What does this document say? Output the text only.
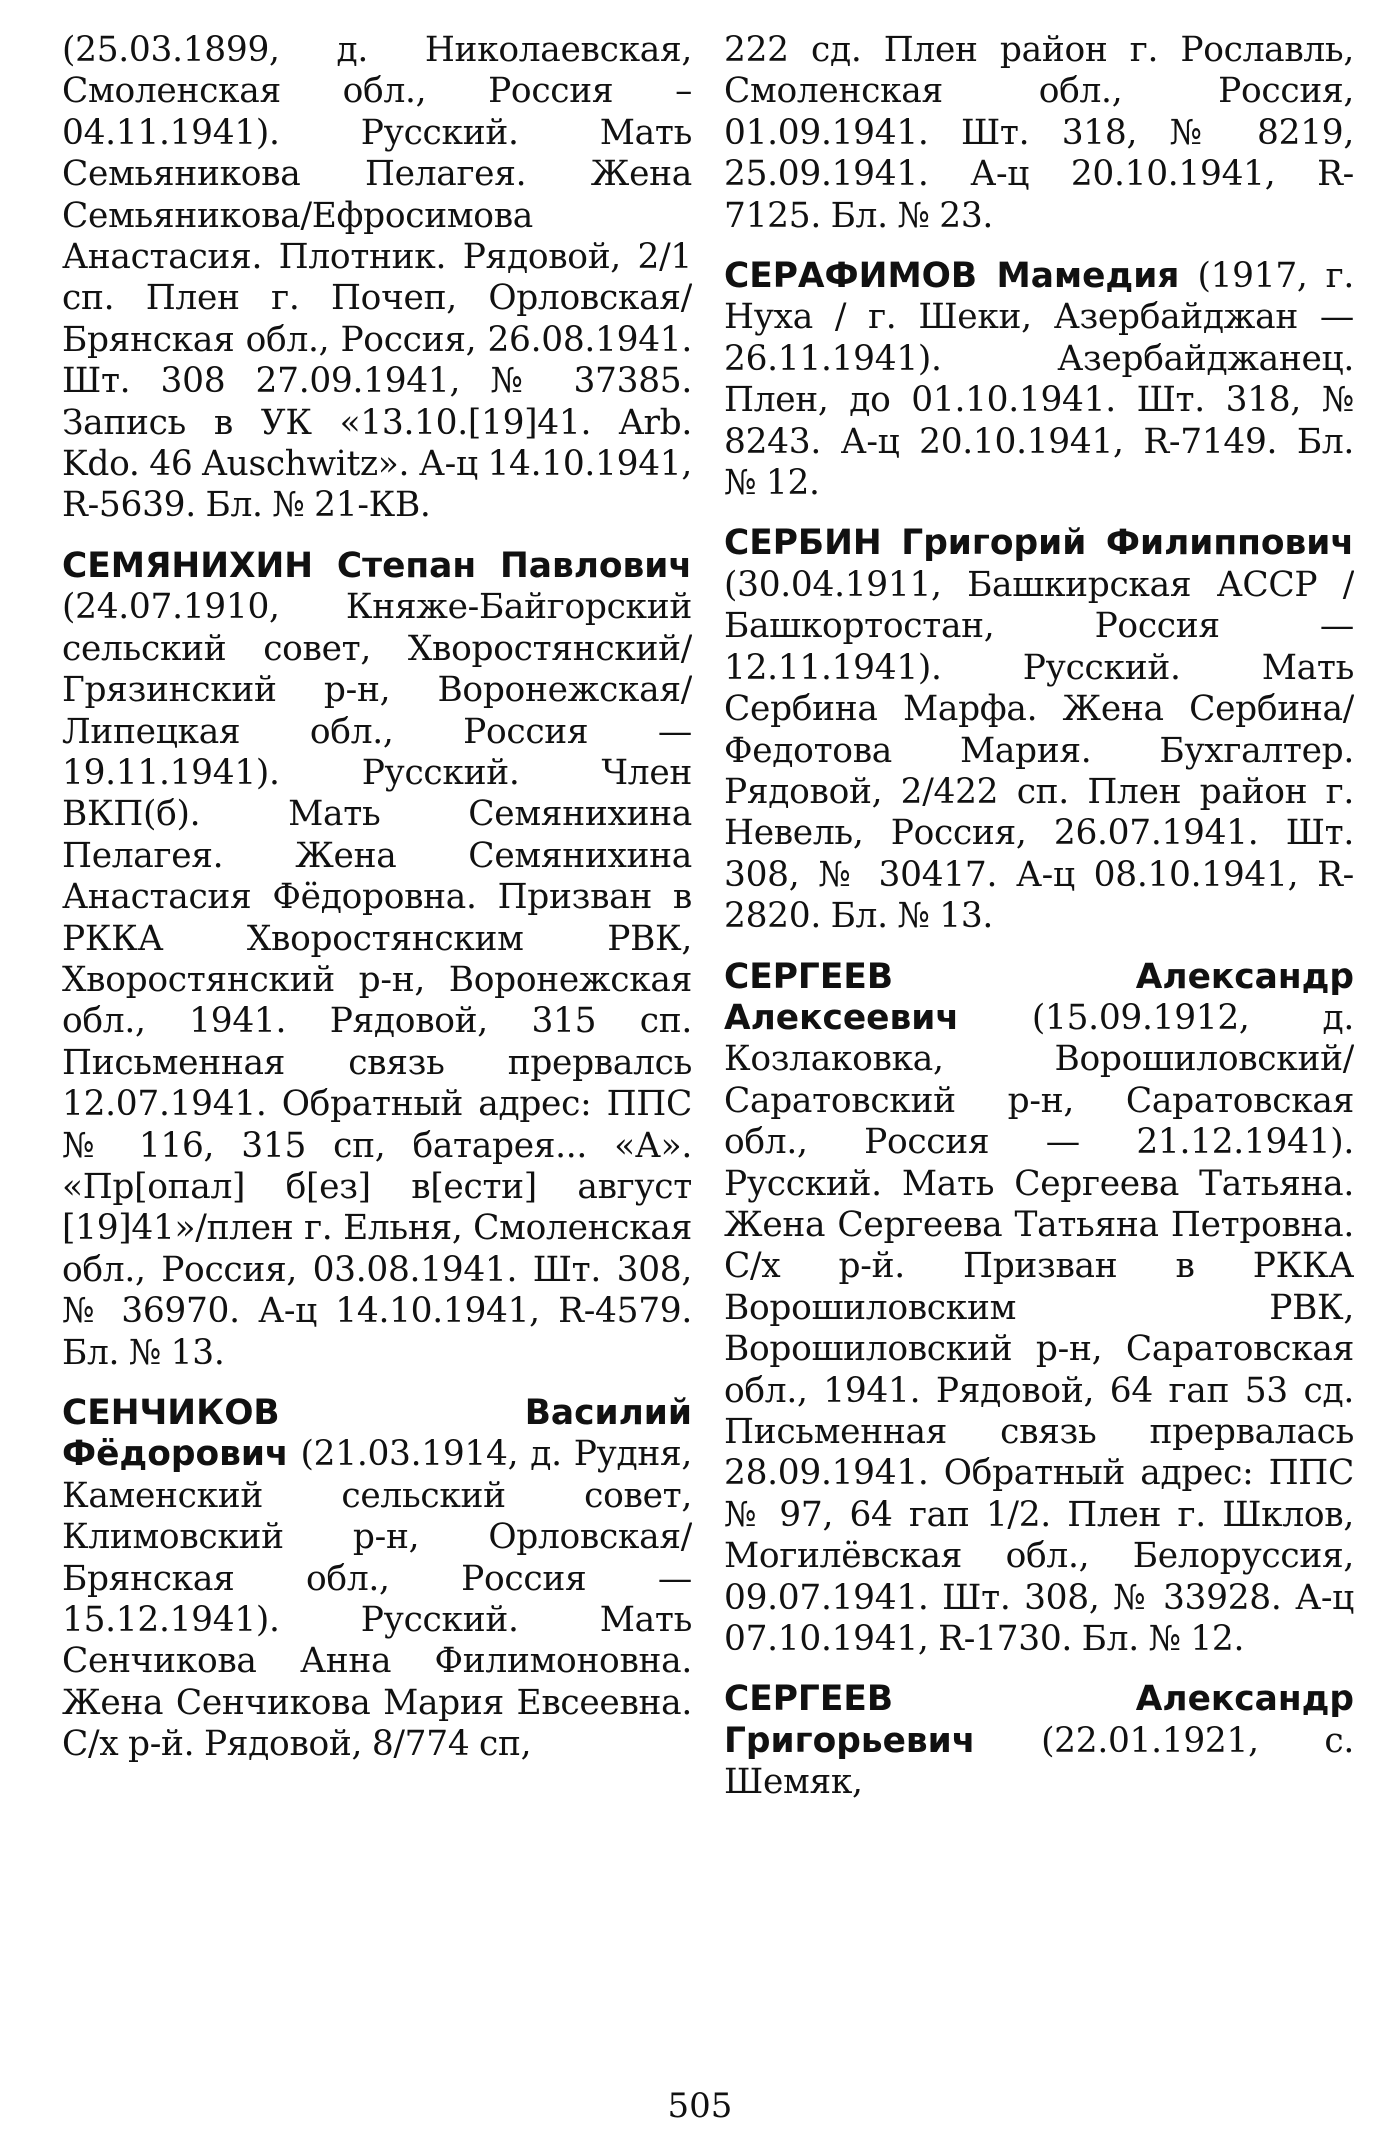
(25.03.1899, д. Николаевская, Смоленская обл., Россия – 04.11.1941). Русский. Мать Семьяникова Пелагея. Жена Семьяникова/Ефросимова Анастасия. Плотник. Рядовой, 2/1 сп. Плен г. Почеп, Орловская/ Брянская обл., Россия, 26.08.1941. Шт. 308 27.09.1941, № 37385. Запись в УК «13.10.[19]41. Arb. Kdo. 46 Auschwitz». А-ц 14.10.1941, R-5639. Бл. № 21-КВ.

СЕМЯНИХИН Степан Павлович (24.07.1910, Княже-Байгорский сельский совет, Хворостянский/Грязинский р-н, Воронежская/Липецкая обл., Россия — 19.11.1941). Русский. Член ВКП(б). Мать Семянихина Пелагея. Жена Семянихина Анастасия Фёдоровна. Призван в РККА Хворостянским РВК, Хворостянский р-н, Воронежская обл., 1941. Рядовой, 315 сп. Письменная связь прервалсь 12.07.1941. Обратный адрес: ППС № 116, 315 сп, батарея... «А». «Пр[опал] б[ез] в[ести] август [19]41»/плен г. Ельня, Смоленская обл., Россия, 03.08.1941. Шт. 308, № 36970. А-ц 14.10.1941, R-4579. Бл. № 13.

СЕНЧИКОВ Василий Фёдорович (21.03.1914, д. Рудня, Каменский сельский совет, Климовский р-н, Орловская/ Брянская обл., Россия — 15.12.1941). Русский. Мать Сенчикова Анна Филимоновна. Жена Сенчикова Мария Евсеевна. С/х р-й. Рядовой, 8/774 сп,

222 сд. Плен район г. Рославль, Смоленская обл., Россия, 01.09.1941. Шт. 318, № 8219, 25.09.1941. А-ц 20.10.1941, R-7125. Бл. № 23.

СЕРАФИМОВ Мамедия (1917, г. Нуха / г. Шеки, Азербайджан — 26.11.1941). Азербайджанец. Плен, до 01.10.1941. Шт. 318, № 8243. А-ц 20.10.1941, R-7149. Бл. № 12.

СЕРБИН Григорий Филиппович (30.04.1911, Башкирская АССР / Башкортостан, Россия — 12.11.1941). Русский. Мать Сербина Марфа. Жена Сербина/Федотова Мария. Бухгалтер. Рядовой, 2/422 сп. Плен район г. Невель, Россия, 26.07.1941. Шт. 308, № 30417. А-ц 08.10.1941, R-2820. Бл. № 13.

СЕРГЕЕВ Александр Алексеевич (15.09.1912, д. Козлаковка, Ворошиловский/Саратовский р-н, Саратовская обл., Россия — 21.12.1941). Русский. Мать Сергеева Татьяна. Жена Сергеева Татьяна Петровна. С/х р-й. Призван в РККА Ворошиловским РВК, Ворошиловский р-н, Саратовская обл., 1941. Рядовой, 64 гап 53 сд. Письменная связь прервалась 28.09.1941. Обратный адрес: ППС № 97, 64 гап 1/2. Плен г. Шклов, Могилёвская обл., Белоруссия, 09.07.1941. Шт. 308, № 33928. А-ц 07.10.1941, R-1730. Бл. № 12.

СЕРГЕЕВ Александр Григорьевич (22.01.1921, с. Шемяк,

505
